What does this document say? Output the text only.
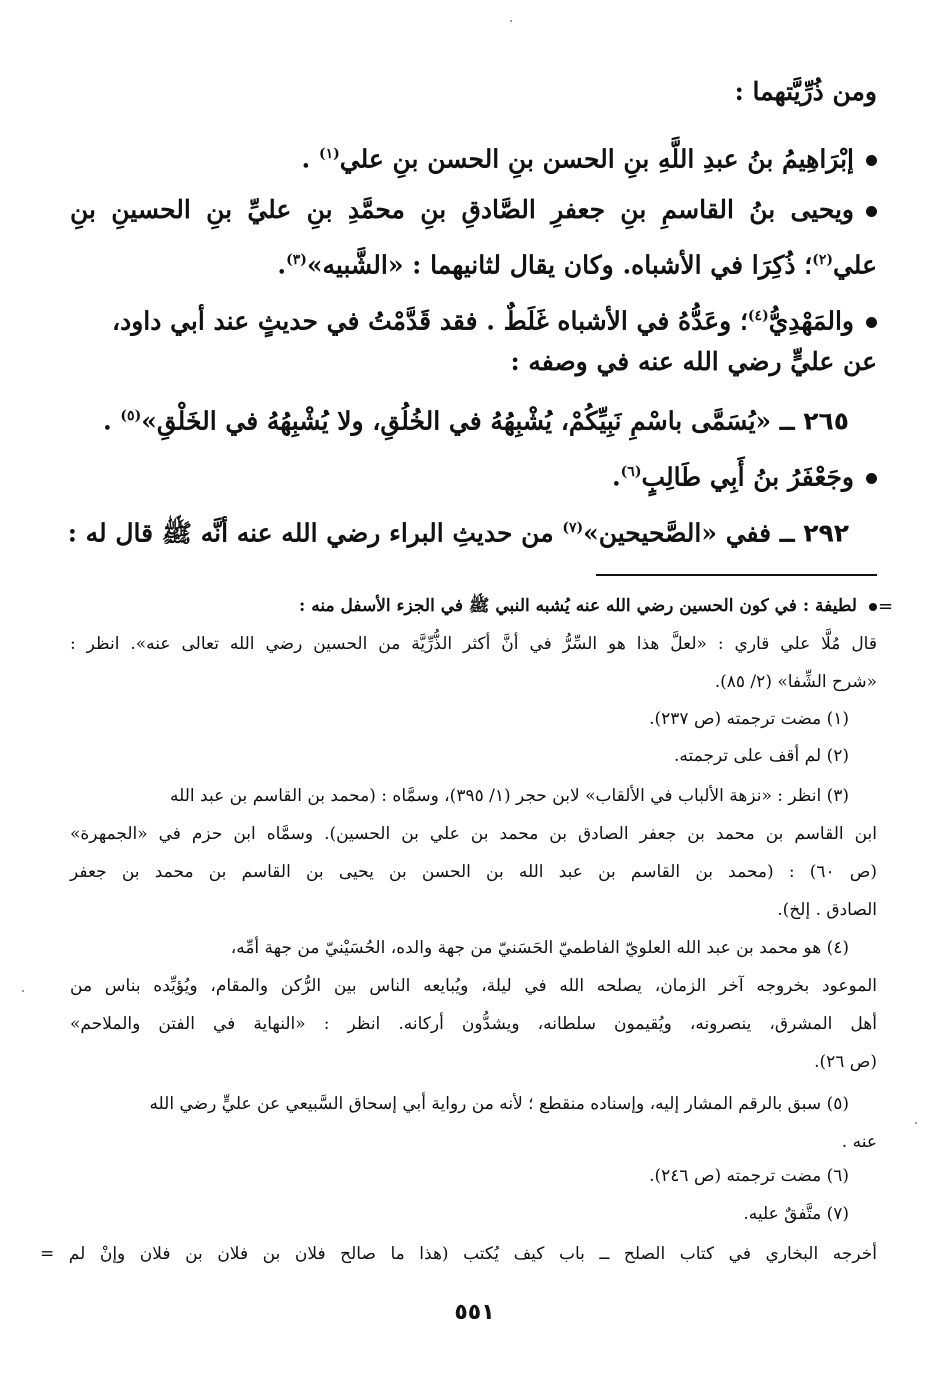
ومن ذُرِّيَّتهما :
إبْرَاهِيمُ بنُ عبدِ اللَّهِ بنِ الحسن بنِ الحسن بنِ علي$^{(١)}$ .
ويحيى بنُ القاسمِ بنِ جعفرِ الصَّادقِ بنِ محمَّدِ بنِ عليِّ بنِ الحسينِ بنِ
علي$^{(٢)}$؛ ذُكِرَا في الأشباه. وكان يقال لثانيهما : «الشَّبيه»$^{(٣)}$.
والمَهْدِيُّ$^{(٤)}$؛ وعَدُّهُ في الأشباه غَلَطٌ . فقد قَدَّمْتُ في حديثٍ عند أبي داود،
عن عليٍّ رضي الله عنه في وصفه :
٢٦٥ ــ «يُسَمَّى باسْمِ نَبِيِّكُمْ، يُشْبِهُهُ في الخُلُقِ، ولا يُشْبِهُهُ في الخَلْقِ»$^{(٥)}$ .
وجَعْفَرُ بنُ أَبِي طَالِبٍ$^{(٦)}$.
٢٩٢ ــ ففي «الصَّحيحين»$^{(٧)}$ من حديثِ البراء رضي الله عنه أنَّه ﷺ قال له :
=
لطيفة : في كون الحسين رضي الله عنه يُشبه النبي ﷺ في الجزء الأسفل منه :
قال مُلَّا علي قاري : «لعلَّ هذا هو السِّرُّ في أنَّ أكثر الذُّرِّيَّة من الحسين رضي الله تعالى عنه». انظر :
«شرح الشِّفا» (٢/ ٨٥).
(١) مضت ترجمته (ص ٢٣٧).
(٢) لم أقف على ترجمته.
(٣) انظر : «نزهة الألباب في الألقاب» لابن حجر (١/ ٣٩٥)، وسمَّاه : (محمد بن القاسم بن عبد الله
ابن القاسم بن محمد بن جعفر الصادق بن محمد بن علي بن الحسين). وسمَّاه ابن حزم في «الجمهرة»
(ص ٦٠) : (محمد بن القاسم بن عبد الله بن الحسن بن يحيى بن القاسم بن محمد بن جعفر
الصادق . إلخ).
(٤) هو محمد بن عبد الله العلويّ الفاطميّ الحَسَنيّ من جهة والده، الحُسَيْنيّ من جهة أمِّه،
الموعود بخروجه آخر الزمان، يصلحه الله في ليلة، ويُبايعه الناس بين الرُّكن والمقام، ويُؤيِّده بناس من
أهل المشرق، ينصرونه، ويُقيمون سلطانه، ويشدُّون أركانه. انظر : «النهاية في الفتن والملاحم»
(ص ٢٦).
(٥) سبق بالرقم المشار إليه، وإسناده منقطع ؛ لأنه من رواية أبي إسحاق السَّبيعي عن عليٍّ رضي الله
عنه .
(٦) مضت ترجمته (ص ٢٤٦).
(٧) متَّفقٌ عليه.
أخرجه البخاري في كتاب الصلح ــ باب كيف يُكتب (هذا ما صالح فلان بن فلان بن فلان وإنْ لم =
٥٥١
